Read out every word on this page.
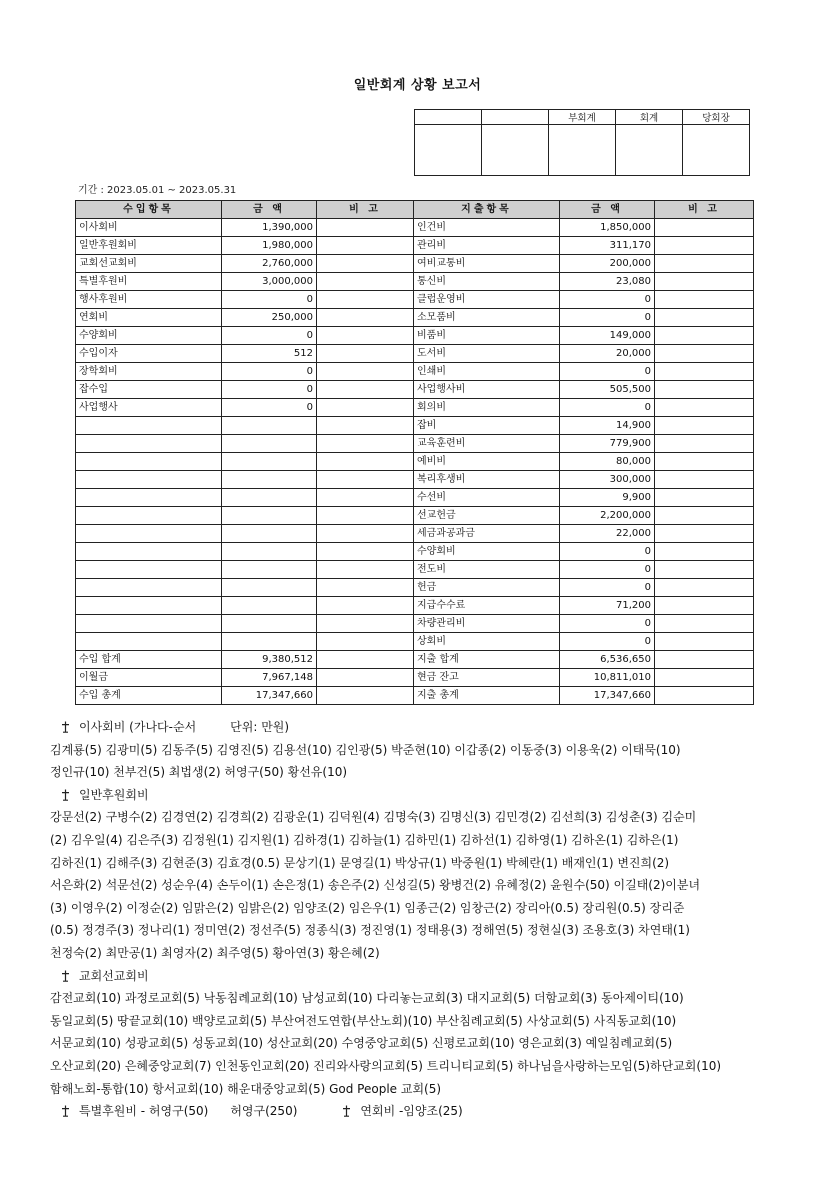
일반회계 상황 보고서
		부회계	회계	당회장

기간 : 2023.05.01 ~ 2023.05.31
수입항목	금 액	비 고	지출항목	금 액	비 고
이사회비	1,390,000		인건비	1,850,000	
일반후원회비	1,980,000		관리비	311,170	
교회선교회비	2,760,000		여비교통비	200,000	
특별후원비	3,000,000		통신비	23,080	
행사후원비	0		클럽운영비	0	
연회비	250,000		소모품비	0	
수양회비	0		비품비	149,000	
수입이자	512		도서비	20,000	
장학회비	0		인쇄비	0	
잡수입	0		사업행사비	505,500	
사업행사	0		회의비	0	
			잡비	14,900	
			교육훈련비	779,900	
			예비비	80,000	
			복리후생비	300,000	
			수선비	9,900	
			선교헌금	2,200,000	
			세금과공과금	22,000	
			수양회비	0	
			전도비	0	
			헌금	0	
			지급수수료	71,200	
			차량관리비	0	
			상회비	0	
수입 합계	9,380,512		지출 합계	6,536,650	
이월금	7,967,148		현금 잔고	10,811,010	
수입 총계	17,347,660		지출 총계	17,347,660	
이사회비 (가나다-순서	단위: 만원)
김계룡(5) 김광미(5) 김동주(5) 김영진(5) 김용선(10) 김인광(5) 박준현(10) 이갑종(2) 이동중(3) 이용욱(2) 이태묵(10)
정인규(10) 천부건(5) 최법생(2) 허영구(50) 황선유(10)
일반후원회비
강문선(2) 구병수(2) 김경연(2) 김경희(2) 김광운(1) 김덕원(4) 김명숙(3) 김명신(3) 김민경(2) 김선희(3) 김성춘(3) 김순미
(2) 김우일(4) 김은주(3) 김정원(1) 김지원(1) 김하경(1) 김하늘(1) 김하민(1) 김하선(1) 김하영(1) 김하온(1) 김하은(1)
김하진(1) 김해주(3) 김현준(3) 김효경(0.5) 문상기(1) 문영길(1) 박상규(1) 박중원(1) 박혜란(1) 배재인(1) 변진희(2)
서은화(2) 석문선(2) 성순우(4) 손두이(1) 손은정(1) 송은주(2) 신성길(5) 왕병건(2) 유혜정(2) 윤원수(50) 이길태(2)이분녀
(3) 이영우(2) 이정순(2) 임맑은(2) 임밝은(2) 임양조(2) 임은우(1) 임종근(2) 임창근(2) 장리아(0.5) 장리원(0.5) 장리준
(0.5) 정경주(3) 정나리(1) 정미연(2) 정선주(5) 정종식(3) 정진영(1) 정태용(3) 정해연(5) 정현실(3) 조용호(3) 차연태(1)
천정숙(2) 최만공(1) 최영자(2) 최주영(5) 황아연(3) 황은혜(2)
교회선교회비
감전교회(10) 과정로교회(5) 낙동침례교회(10) 남성교회(10) 다리놓는교회(3) 대지교회(5) 더함교회(3) 동아제이티(10)
동일교회(5) 땅끝교회(10) 백양로교회(5) 부산여전도연합(부산노회)(10) 부산침례교회(5) 사상교회(5) 사직동교회(10)
서문교회(10) 성광교회(5) 성동교회(10) 성산교회(20) 수영중앙교회(5) 신평로교회(10) 영은교회(3) 예일침례교회(5)
오산교회(20) 은혜중앙교회(7) 인천동인교회(20) 진리와사랑의교회(5) 트리니티교회(5) 하나님을사랑하는모임(5)하단교회(10)
함해노회-통합(10) 항서교회(10) 해운대중앙교회(5) God People 교회(5)
특별후원비 - 허영구(50) 허영구(250)	연회비 -임양조(25)
